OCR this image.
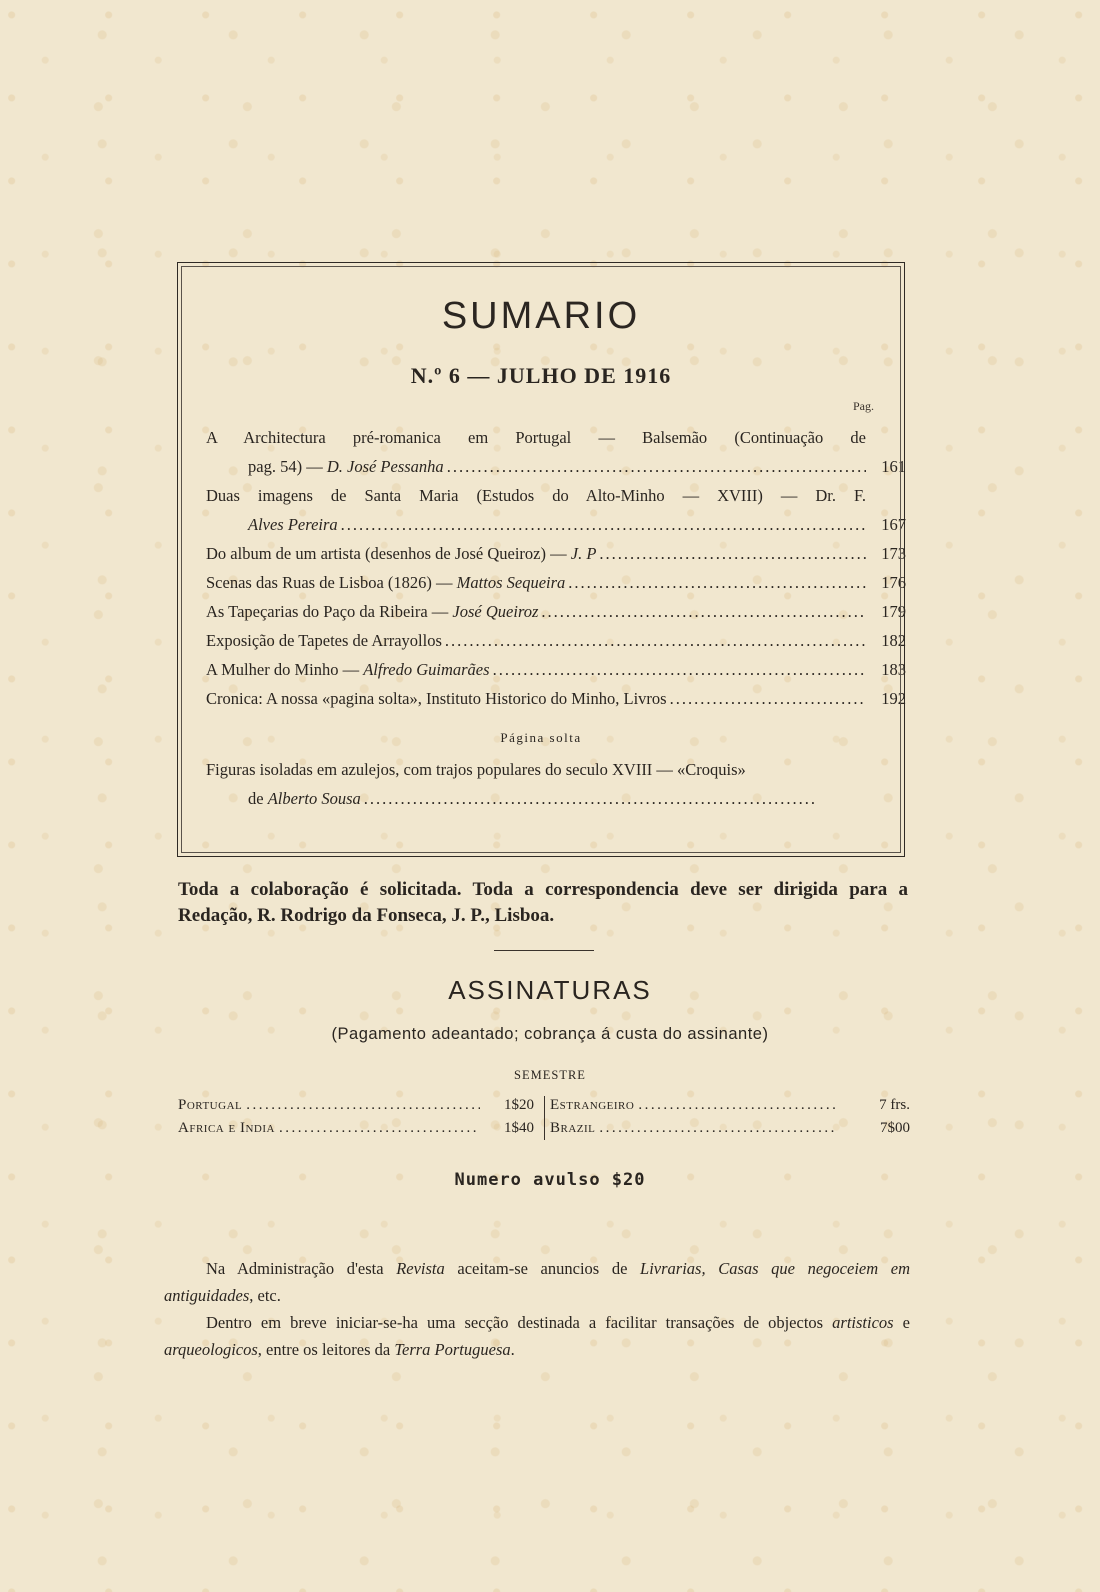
SUMARIO
N.º 6 — JULHO DE 1916
Pag.
A Architectura pré-romanica em Portugal — Balsemão (Continuação de
pag. 54) — D. José Pessanha .....	161
Duas imagens de Santa Maria (Estudos do Alto-Minho — XVIII) — Dr. F.
Alves Pereira .....	167
Do album de um artista (desenhos de José Queiroz) — J. P .....	173
Scenas das Ruas de Lisboa (1826) — Mattos Sequeira .....	176
As Tapeçarias do Paço da Ribeira — José Queiroz .....	179
Exposição de Tapetes de Arrayollos .....	182
A Mulher do Minho — Alfredo Guimarães .....	183
Cronica: A nossa «pagina solta», Instituto Historico do Minho, Livros .....	192
Página solta
Figuras isoladas em azulejos, com trajos populares do seculo XVIII — «Croquis»
de Alberto Sousa
.....
Toda a colaboração é solicitada. Toda a correspondencia deve ser dirigida para a Redação, R. Rodrigo da Fonseca, J. P., Lisboa.
ASSINATURAS
(Pagamento adeantado; cobrança á custa do assinante)
SEMESTRE
Portugal .....	1$20
Africa e India .....	1$40
Estrangeiro .....	7 frs.
Brazil .....	7$00
Numero avulso $20

Na Administração d'esta Revista aceitam-se anuncios de Livrarias, Casas que negoceiem em antiguidades, etc.

Dentro em breve iniciar-se-ha uma secção destinada a facilitar transações de objectos artisticos e arqueologicos, entre os leitores da Terra Portuguesa.
